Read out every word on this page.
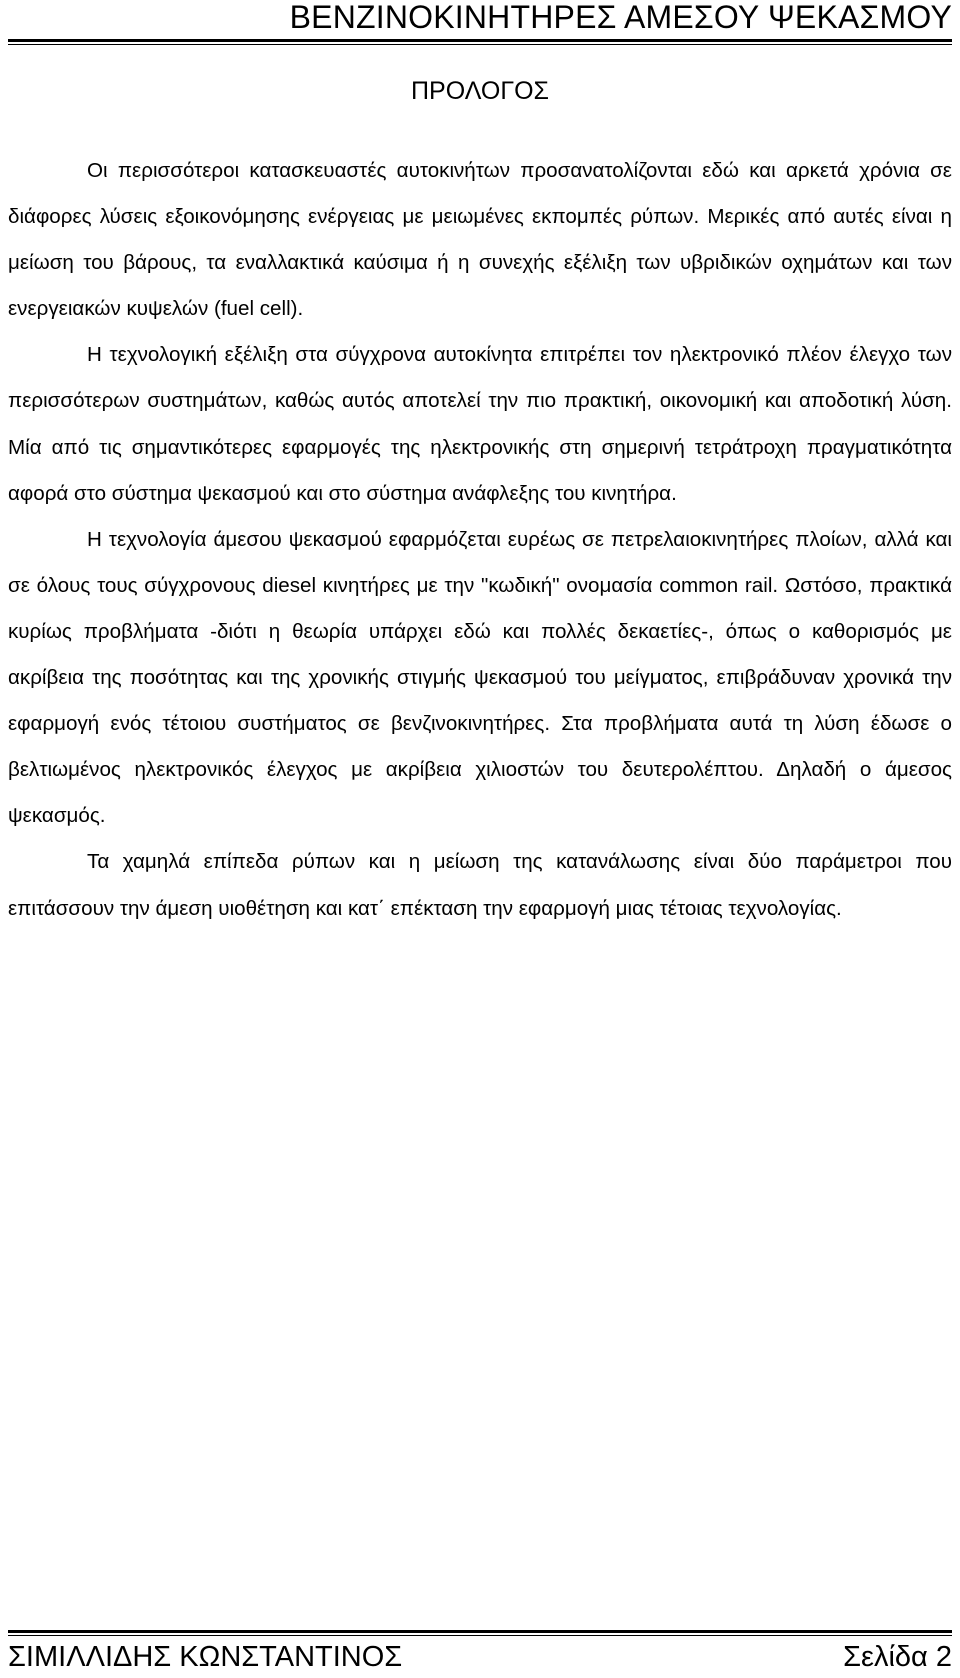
ΒΕΝΖΙΝΟΚΙΝΗΤΗΡΕΣ ΑΜΕΣΟΥ ΨΕΚΑΣΜΟΥ
ΠΡΟΛΟΓΟΣ

Οι περισσότεροι κατασκευαστές αυτοκινήτων προσανατολίζονται εδώ και αρκετά χρόνια σε διάφορες λύσεις εξοικονόμησης ενέργειας με μειωμένες εκπομπές ρύπων. Μερικές από αυτές είναι η μείωση του βάρους, τα εναλλακτικά καύσιμα ή η συνεχής εξέλιξη των υβριδικών οχημάτων και των ενεργειακών κυψελών (fuel cell).

Η τεχνολογική εξέλιξη στα σύγχρονα αυτοκίνητα επιτρέπει τον ηλεκτρονικό πλέον έλεγχο των περισσότερων συστημάτων, καθώς αυτός αποτελεί την πιο πρακτική, οικονομική και αποδοτική λύση. Μία από τις σημαντικότερες εφαρμογές της ηλεκτρονικής στη σημερινή τετράτροχη πραγματικότητα αφορά στο σύστημα ψεκασμού και στο σύστημα ανάφλεξης του κινητήρα.

Η τεχνολογία άμεσου ψεκασμού εφαρμόζεται ευρέως σε πετρελαιοκινητήρες πλοίων, αλλά και σε όλους τους σύγχρονους diesel κινητήρες με την "κωδική" ονομασία common rail. Ωστόσο, πρακτικά κυρίως προβλήματα -διότι η θεωρία υπάρχει εδώ και πολλές δεκαετίες-, όπως ο καθορισμός με ακρίβεια της ποσότητας και της χρονικής στιγμής ψεκασμού του μείγματος, επιβράδυναν χρονικά την εφαρμογή ενός τέτοιου συστήματος σε βενζινοκινητήρες. Στα προβλήματα αυτά τη λύση έδωσε ο βελτιωμένος ηλεκτρονικός έλεγχος με ακρίβεια χιλιοστών του δευτερολέπτου. Δηλαδή ο άμεσος ψεκασμός.

Τα χαμηλά επίπεδα ρύπων και η μείωση της κατανάλωσης είναι δύο παράμετροι που επιτάσσουν την άμεση υιοθέτηση και κατ΄ επέκταση την εφαρμογή μιας τέτοιας τεχνολογίας.

ΣΙΜΙΛΛΙΔΗΣ ΚΩΝΣΤΑΝΤΙΝΟΣ	Σελίδα 2
